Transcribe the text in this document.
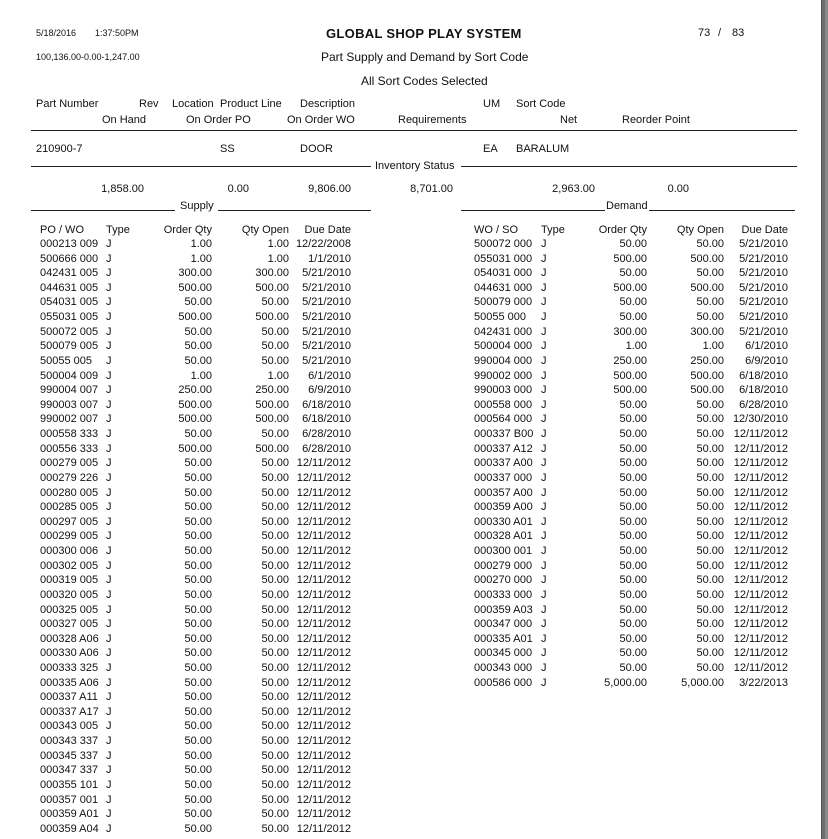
5/18/2016 1:37:50PM
100,136.00-0.00-1,247.00
GLOBAL SHOP PLAY SYSTEM
Part Supply and Demand by Sort Code
All Sort Codes Selected
73 / 83
Part Number	Rev Location Product Line Description	UM Sort Code
On Hand	On Order PO	On Order WO	Requirements	Net	Reorder Point
210900-7	SS	DOOR	EA BARALUM
Inventory Status
1,858.00	0.00	9,806.00	8,701.00	2,963.00	0.00
Supply	Demand
PO / WO Type	Order Qty	Qty Open	Due Date	WO / SO Type	Order Qty	Qty Open	Due Date
000213 009 J	1.00	1.00 12/22/2008
500666 000 J	1.00	1.00	1/1/2010
042431 005 J	300.00	300.00	5/21/2010
044631 005 J	500.00	500.00	5/21/2010
054031 005 J	50.00	50.00	5/21/2010
055031 005 J	500.00	500.00	5/21/2010
500072 005 J	50.00	50.00	5/21/2010
500079 005 J	50.00	50.00	5/21/2010
50055 005 J	50.00	50.00	5/21/2010
500004 009 J	1.00	1.00	6/1/2010
990004 007 J	250.00	250.00	6/9/2010
990003 007 J	500.00	500.00	6/18/2010
990002 007 J	500.00	500.00	6/18/2010
000558 333 J	50.00	50.00	6/28/2010
000556 333 J	500.00	500.00	6/28/2010
000279 005 J	50.00	50.00 12/11/2012
000279 226 J	50.00	50.00 12/11/2012
000280 005 J	50.00	50.00 12/11/2012
000285 005 J	50.00	50.00 12/11/2012
000297 005 J	50.00	50.00 12/11/2012
000299 005 J	50.00	50.00 12/11/2012
000300 006 J	50.00	50.00 12/11/2012
000302 005 J	50.00	50.00 12/11/2012
000319 005 J	50.00	50.00 12/11/2012
000320 005 J	50.00	50.00 12/11/2012
000325 005 J	50.00	50.00 12/11/2012
000327 005 J	50.00	50.00 12/11/2012
000328 A06 J	50.00	50.00 12/11/2012
000330 A06 J	50.00	50.00 12/11/2012
000333 325 J	50.00	50.00 12/11/2012
000335 A06 J	50.00	50.00 12/11/2012
000337 A11 J	50.00	50.00 12/11/2012
000337 A17 J	50.00	50.00 12/11/2012
000343 005 J	50.00	50.00 12/11/2012
000343 337 J	50.00	50.00 12/11/2012
000345 337 J	50.00	50.00 12/11/2012
000347 337 J	50.00	50.00 12/11/2012
000355 101 J	50.00	50.00 12/11/2012
000357 001 J	50.00	50.00 12/11/2012
000359 A01 J	50.00	50.00 12/11/2012
000359 A04 J	50.00	50.00 12/11/2012
500072 000 J	50.00	50.00	5/21/2010
055031 000 J	500.00	500.00	5/21/2010
054031 000 J	50.00	50.00	5/21/2010
044631 000 J	500.00	500.00	5/21/2010
500079 000 J	50.00	50.00	5/21/2010
50055 000 J	50.00	50.00	5/21/2010
042431 000 J	300.00	300.00	5/21/2010
500004 000 J	1.00	1.00	6/1/2010
990004 000 J	250.00	250.00	6/9/2010
990002 000 J	500.00	500.00	6/18/2010
990003 000 J	500.00	500.00	6/18/2010
000558 000 J	50.00	50.00	6/28/2010
000564 000 J	50.00	50.00 12/30/2010
000337 B00 J	50.00	50.00 12/11/2012
000337 A12 J	50.00	50.00 12/11/2012
000337 A00 J	50.00	50.00 12/11/2012
000337 000 J	50.00	50.00 12/11/2012
000357 A00 J	50.00	50.00 12/11/2012
000359 A00 J	50.00	50.00 12/11/2012
000330 A01 J	50.00	50.00 12/11/2012
000328 A01 J	50.00	50.00 12/11/2012
000300 001 J	50.00	50.00 12/11/2012
000279 000 J	50.00	50.00 12/11/2012
000270 000 J	50.00	50.00 12/11/2012
000333 000 J	50.00	50.00 12/11/2012
000359 A03 J	50.00	50.00 12/11/2012
000347 000 J	50.00	50.00 12/11/2012
000335 A01 J	50.00	50.00 12/11/2012
000345 000 J	50.00	50.00 12/11/2012
000343 000 J	50.00	50.00 12/11/2012
000586 000 J	5,000.00	5,000.00	3/22/2013
